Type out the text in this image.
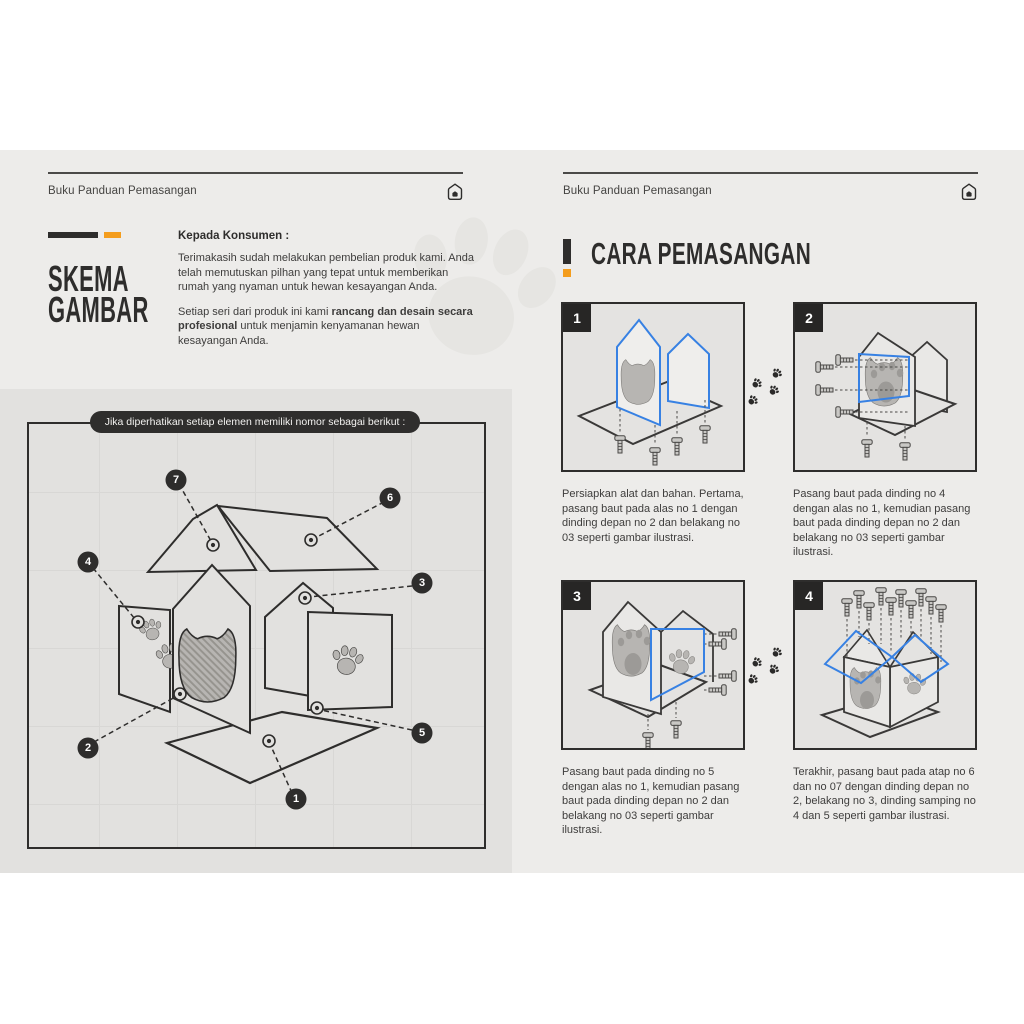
Buku Panduan Pemasangan
SKEMA
GAMBAR

Kepada Konsumen :

Terimakasih sudah melakukan pembelian produk kami. Anda telah memutuskan pilhan yang tepat untuk memberikan rumah yang nyaman untuk hewan kesayangan Anda.

Setiap seri dari produk ini kami rancang dan desain secara profesional untuk menjamin kenyamanan hewan kesayangan Anda.

Jika diperhatikan setiap elemen memiliki nomor sebagai berikut :
7
6
4
3
2
5
1
Buku Panduan Pemasangan
CARA PEMASANGAN
1

Persiapkan alat dan bahan. Pertama, pasang baut pada alas no 1 dengan dinding depan no 2 dan belakang no 03 seperti gambar ilustrasi.

2

Pasang baut pada dinding no 4 dengan alas no 1, kemudian pasang baut pada dinding depan no 2 dan belakang no 03 seperti gambar ilustrasi.

3

Pasang baut pada dinding no 5 dengan alas no 1, kemudian pasang baut pada dinding depan no 2 dan belakang no 03 seperti gambar ilustrasi.

4

Terakhir, pasang baut pada atap no 6 dan no 07 dengan dinding depan no 2, belakang no 3, dinding samping no 4 dan 5 seperti gambar ilustrasi.
